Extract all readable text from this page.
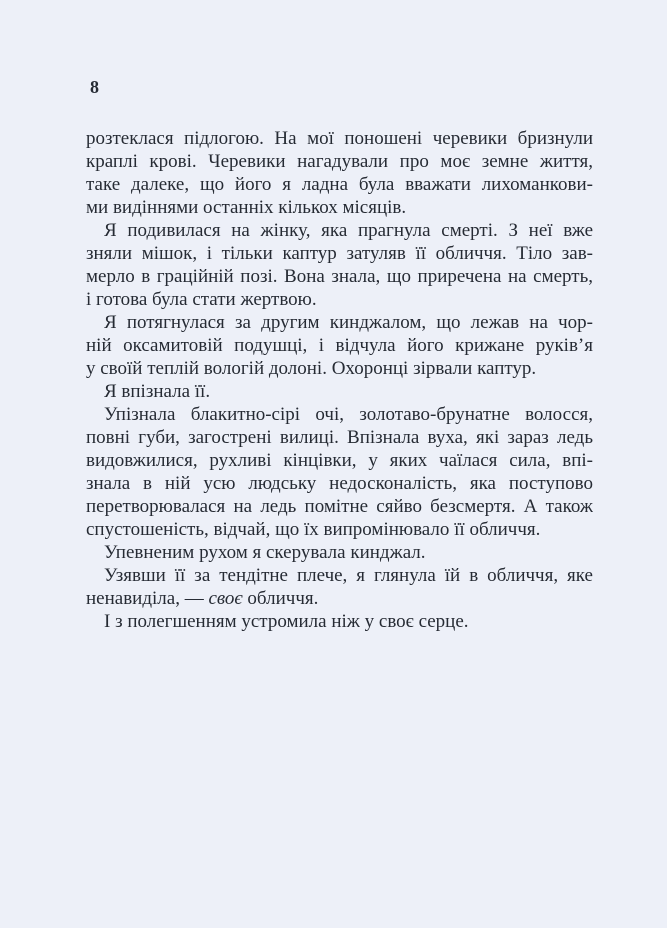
8

розтеклася підлогою. На мої поношені черевики бризнули
краплі крові. Черевики нагадували про моє земне життя,
таке далеке, що його я ладна була вважати лихоманкови-
ми видіннями останніх кількох місяців.

Я подивилася на жінку, яка прагнула смерті. З неї вже
зняли мішок, і тільки каптур затуляв її обличчя. Тіло зав-
мерло в граційній позі. Вона знала, що приречена на смерть,
і готова була стати жертвою.

Я потягнулася за другим кинджалом, що лежав на чор-
ній оксамитовій подушці, і відчула його крижане руків’я
у своїй теплій вологій долоні. Охоронці зірвали каптур.

Я впізнала її.

Упізнала блакитно-сірі очі, золотаво-брунатне волосся,
повні губи, загострені вилиці. Впізнала вуха, які зараз ледь
видовжилися, рухливі кінцівки, у яких чаїлася сила, впі-
знала в ній усю людську недосконалість, яка поступово
перетворювалася на ледь помітне сяйво безсмертя. А також
спустошеність, відчай, що їх випромінювало її обличчя.

Упевненим рухом я скерувала кинджал.

Узявши її за тендітне плече, я глянула їй в обличчя, яке
ненавиділа, — своє обличчя.

І з полегшенням устромила ніж у своє серце.
